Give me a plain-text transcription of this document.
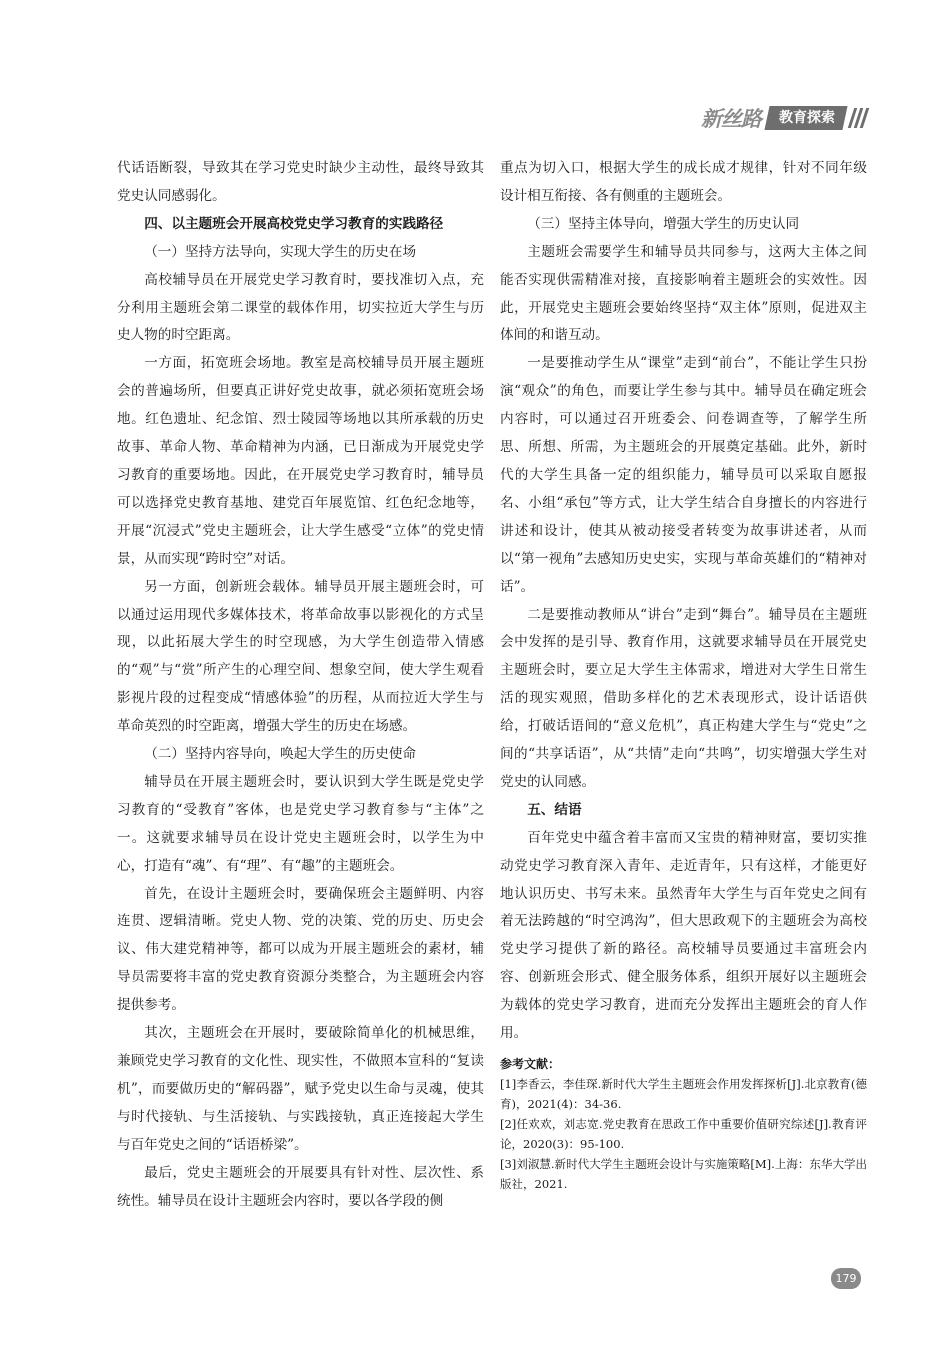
新丝路	教育探索

代话语断裂，导致其在学习党史时缺少主动性，最终导致其党史认同感弱化。

四、以主题班会开展高校党史学习教育的实践路径

（一）坚持方法导向，实现大学生的历史在场

高校辅导员在开展党史学习教育时，要找准切入点，充分利用主题班会第二课堂的载体作用，切实拉近大学生与历史人物的时空距离。

一方面，拓宽班会场地。教室是高校辅导员开展主题班会的普遍场所，但要真正讲好党史故事，就必须拓宽班会场地。红色遗址、纪念馆、烈士陵园等场地以其所承载的历史故事、革命人物、革命精神为内涵，已日渐成为开展党史学习教育的重要场地。因此，在开展党史学习教育时，辅导员可以选择党史教育基地、建党百年展览馆、红色纪念地等，开展“沉浸式”党史主题班会，让大学生感受“立体”的党史情景，从而实现“跨时空”对话。

另一方面，创新班会载体。辅导员开展主题班会时，可以通过运用现代多媒体技术，将革命故事以影视化的方式呈现，以此拓展大学生的时空现感，为大学生创造带入情感的“观”与“赏”所产生的心理空间、想象空间，使大学生观看影视片段的过程变成“情感体验”的历程，从而拉近大学生与革命英烈的时空距离，增强大学生的历史在场感。

（二）坚持内容导向，唤起大学生的历史使命

辅导员在开展主题班会时，要认识到大学生既是党史学习教育的“受教育”客体，也是党史学习教育参与“主体”之一。这就要求辅导员在设计党史主题班会时，以学生为中心，打造有“魂”、有“理”、有“趣”的主题班会。

首先，在设计主题班会时，要确保班会主题鲜明、内容连贯、逻辑清晰。党史人物、党的决策、党的历史、历史会议、伟大建党精神等，都可以成为开展主题班会的素材，辅导员需要将丰富的党史教育资源分类整合，为主题班会内容提供参考。

其次，主题班会在开展时，要破除简单化的机械思维，兼顾党史学习教育的文化性、现实性，不做照本宣科的“复读机”，而要做历史的“解码器”，赋予党史以生命与灵魂，使其与时代接轨、与生活接轨、与实践接轨，真正连接起大学生与百年党史之间的“话语桥梁”。

最后，党史主题班会的开展要具有针对性、层次性、系统性。辅导员在设计主题班会内容时，要以各学段的侧

重点为切入口，根据大学生的成长成才规律，针对不同年级设计相互衔接、各有侧重的主题班会。

（三）坚持主体导向，增强大学生的历史认同

主题班会需要学生和辅导员共同参与，这两大主体之间能否实现供需精准对接，直接影响着主题班会的实效性。因此，开展党史主题班会要始终坚持“双主体”原则，促进双主体间的和谐互动。

一是要推动学生从“课堂”走到“前台”，不能让学生只扮演“观众”的角色，而要让学生参与其中。辅导员在确定班会内容时，可以通过召开班委会、问卷调查等，了解学生所思、所想、所需，为主题班会的开展奠定基础。此外，新时代的大学生具备一定的组织能力，辅导员可以采取自愿报名、小组“承包”等方式，让大学生结合自身擅长的内容进行讲述和设计，使其从被动接受者转变为故事讲述者，从而以“第一视角”去感知历史史实，实现与革命英雄们的“精神对话”。

二是要推动教师从“讲台”走到“舞台”。辅导员在主题班会中发挥的是引导、教育作用，这就要求辅导员在开展党史主题班会时，要立足大学生主体需求，增进对大学生日常生活的现实观照，借助多样化的艺术表现形式，设计话语供给，打破话语间的“意义危机”，真正构建大学生与“党史”之间的“共享话语”，从“共情”走向“共鸣”，切实增强大学生对党史的认同感。

五、结语

百年党史中蕴含着丰富而又宝贵的精神财富，要切实推动党史学习教育深入青年、走近青年，只有这样，才能更好地认识历史、书写未来。虽然青年大学生与百年党史之间有着无法跨越的“时空鸿沟”，但大思政观下的主题班会为高校党史学习提供了新的路径。高校辅导员要通过丰富班会内容、创新班会形式、健全服务体系，组织开展好以主题班会为载体的党史学习教育，进而充分发挥出主题班会的育人作用。

参考文献：
[1]李香云，李佳琛.新时代大学生主题班会作用发挥探析[J].北京教育(德育)，2021(4)：34-36.
[2]任欢欢，刘志宽.党史教育在思政工作中重要价值研究综述[J].教育评论，2020(3)：95-100.
[3]刘淑慧.新时代大学生主题班会设计与实施策略[M].上海：东华大学出版社，2021.
179
